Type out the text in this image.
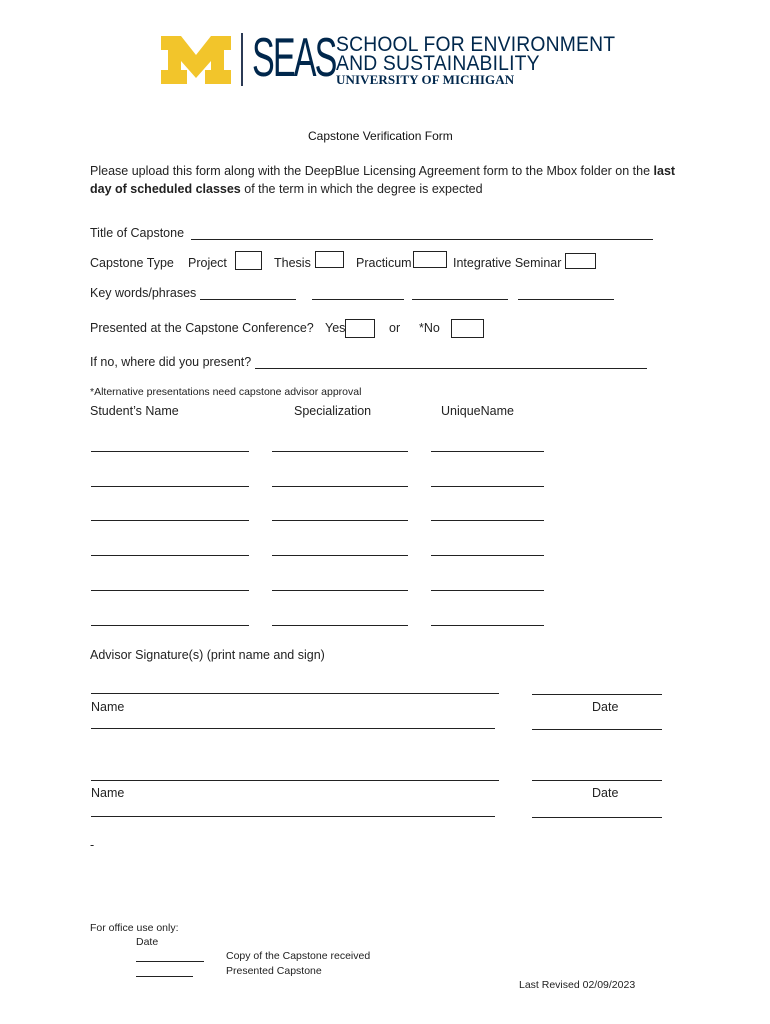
SEAS SCHOOL FOR ENVIRONMENT
AND SUSTAINABILITY
UNIVERSITY OF MICHIGAN
Capstone Verification Form
Please upload this form along with the DeepBlue Licensing Agreement form to the Mbox folder on the last
day of scheduled classes of the term in which the degree is expected
Title of Capstone
Capstone Type Project	Thesis	Practicum	Integrative Seminar
Key words/phrases
Presented at the Capstone Conference? Yes	or *No
If no, where did you present?
*Alternative presentations need capstone advisor approval
Student’s Name	Specialization	UniqueName
Advisor Signature(s) (print name and sign)
Name	Date
Name	Date
-
For office use only:
Date
Copy of the Capstone received
Presented Capstone
Last Revised 02/09/2023
